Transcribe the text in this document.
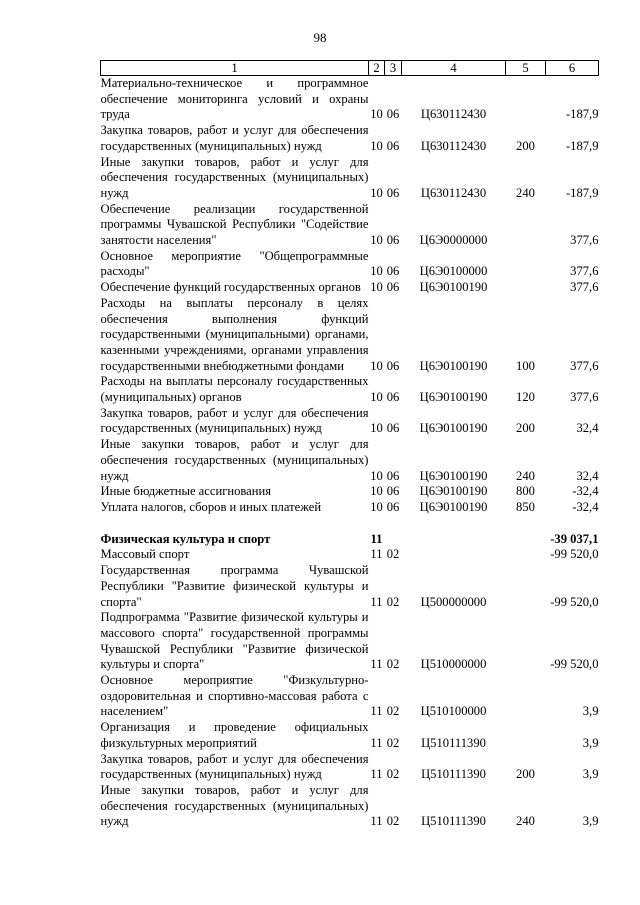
98
1	2	3	4	5	6
Материально-техническое и программное обеспечение мониторинга условий и охраны труда	10	06	Ц630112430		-187,9
Закупка товаров, работ и услуг для обеспечения государственных (муниципальных) нужд	10	06	Ц630112430	200	-187,9
Иные закупки товаров, работ и услуг для обеспечения государственных (муниципальных) нужд	10	06	Ц630112430	240	-187,9
Обеспечение реализации государственной программы Чувашской Республики "Содействие занятости населения"	10	06	Ц6Э0000000		377,6
Основное мероприятие "Общепрограммные расходы"	10	06	Ц6Э0100000		377,6
Обеспечение функций государственных органов	10	06	Ц6Э0100190		377,6
Расходы на выплаты персоналу в целях обеспечения выполнения функций государственными (муниципальными) органами, казенными учреждениями, органами управления государственными внебюджетными фондами	10	06	Ц6Э0100190	100	377,6
Расходы на выплаты персоналу государственных (муниципальных) органов	10	06	Ц6Э0100190	120	377,6
Закупка товаров, работ и услуг для обеспечения государственных (муниципальных) нужд	10	06	Ц6Э0100190	200	32,4
Иные закупки товаров, работ и услуг для обеспечения государственных (муниципальных) нужд	10	06	Ц6Э0100190	240	32,4
Иные бюджетные ассигнования	10	06	Ц6Э0100190	800	-32,4
Уплата налогов, сборов и иных платежей	10	06	Ц6Э0100190	850	-32,4

Физическая культура и спорт	11				-39 037,1
Массовый спорт	11	02			-99 520,0
Государственная программа Чувашской Республики "Развитие физической культуры и спорта"	11	02	Ц500000000		-99 520,0
Подпрограмма "Развитие физической культуры и массового спорта" государственной программы Чувашской Республики "Развитие физической культуры и спорта"	11	02	Ц510000000		-99 520,0
Основное мероприятие "Физкультурно-оздоровительная и спортивно-массовая работа с населением"	11	02	Ц510100000		3,9
Организация и проведение официальных физкультурных мероприятий	11	02	Ц510111390		3,9
Закупка товаров, работ и услуг для обеспечения государственных (муниципальных) нужд	11	02	Ц510111390	200	3,9
Иные закупки товаров, работ и услуг для обеспечения государственных (муниципальных) нужд	11	02	Ц510111390	240	3,9
